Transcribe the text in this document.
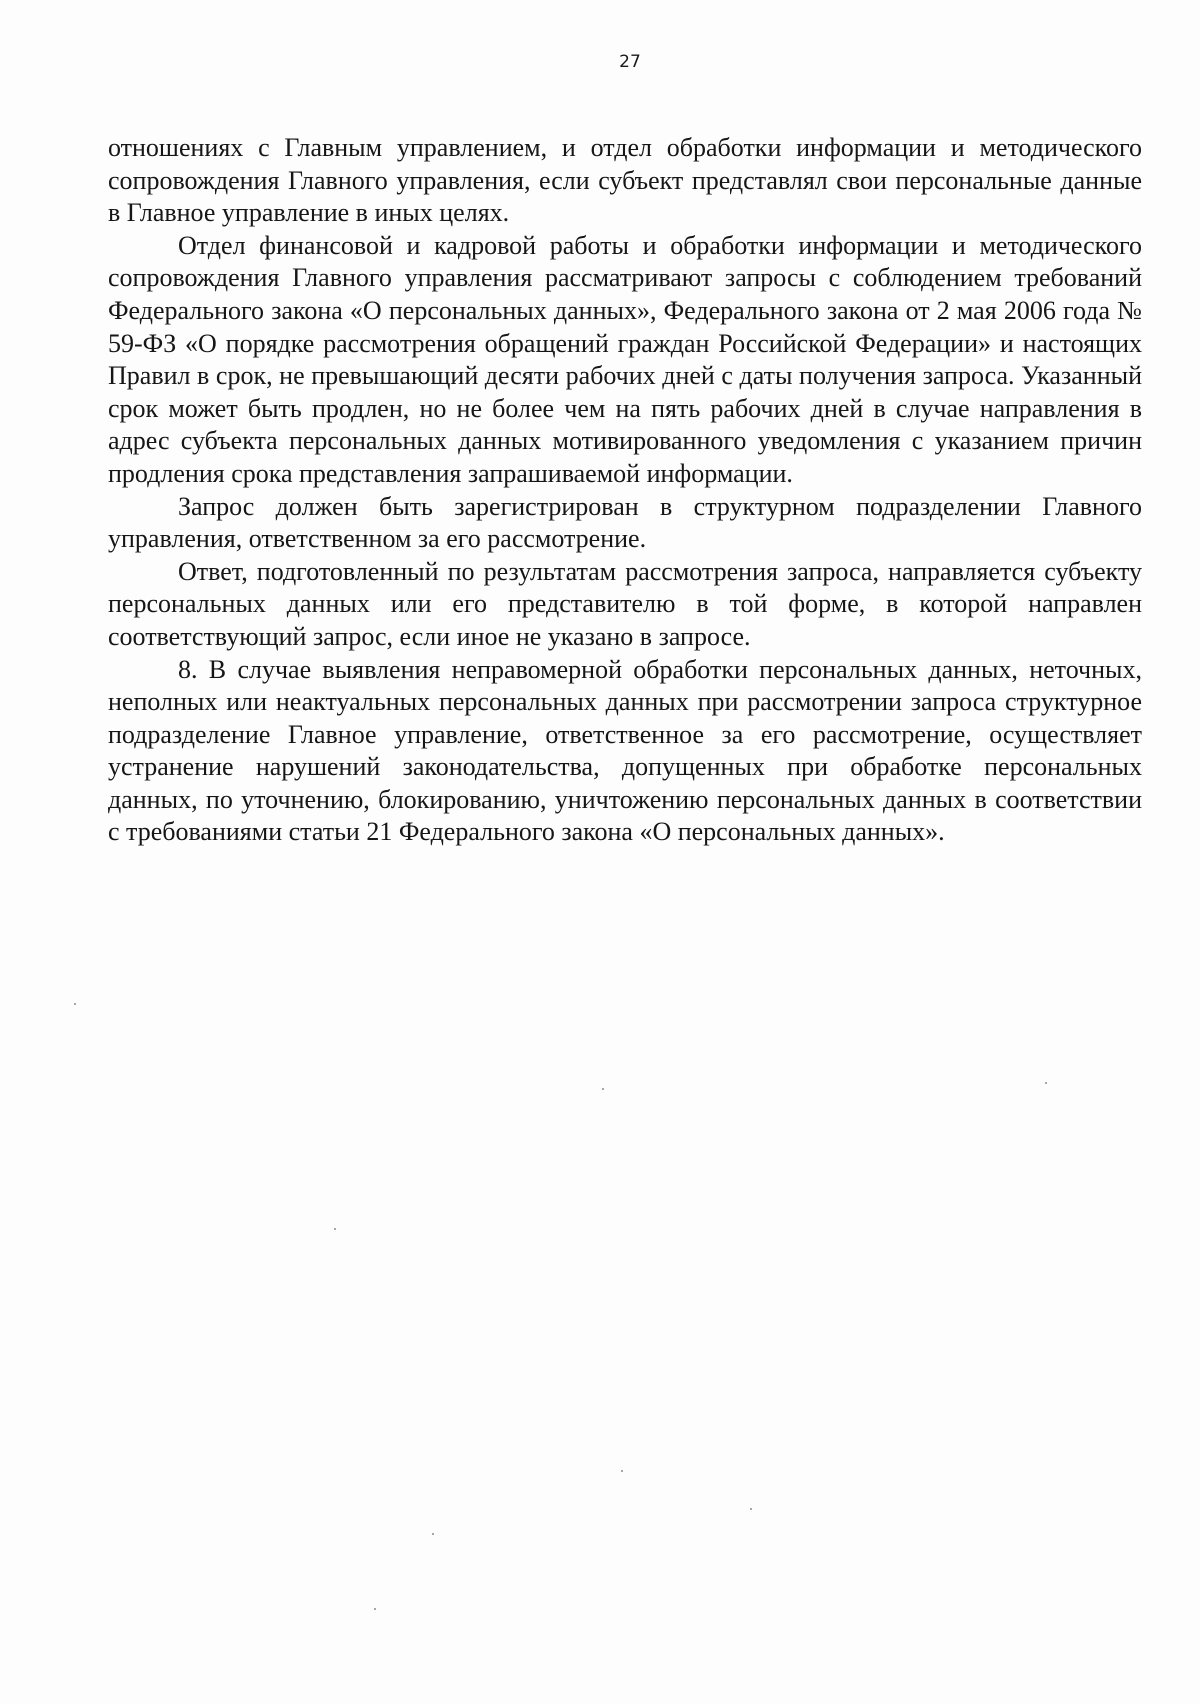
27

отношениях с Главным управлением, и отдел обработки информации и методического сопровождения Главного управления, если субъект представлял свои персональные данные в Главное управление в иных целях.

Отдел финансовой и кадровой работы и обработки информации и методического сопровождения Главного управления рассматривают запросы с соблюдением требований Федерального закона «О персональных данных», Федерального закона от 2 мая 2006 года № 59-ФЗ «О порядке рассмотрения обращений граждан Российской Федерации» и настоящих Правил в срок, не превышающий десяти рабочих дней с даты получения запроса. Указанный срок может быть продлен, но не более чем на пять рабочих дней в случае направления в адрес субъекта персональных данных мотивированного уведомления с указанием причин продления срока представления запрашиваемой информации.

Запрос должен быть зарегистрирован в структурном подразделении Главного управления, ответственном за его рассмотрение.

Ответ, подготовленный по результатам рассмотрения запроса, направляется субъекту персональных данных или его представителю в той форме, в которой направлен соответствующий запрос, если иное не указано в запросе.

8. В случае выявления неправомерной обработки персональных данных, неточных, неполных или неактуальных персональных данных при рассмотрении запроса структурное подразделение Главное управление, ответственное за его рассмотрение, осуществляет устранение нарушений законодательства, допущенных при обработке персональных данных, по уточнению, блокированию, уничтожению персональных данных в соответствии с требованиями статьи 21 Федерального закона «О персональных данных».
